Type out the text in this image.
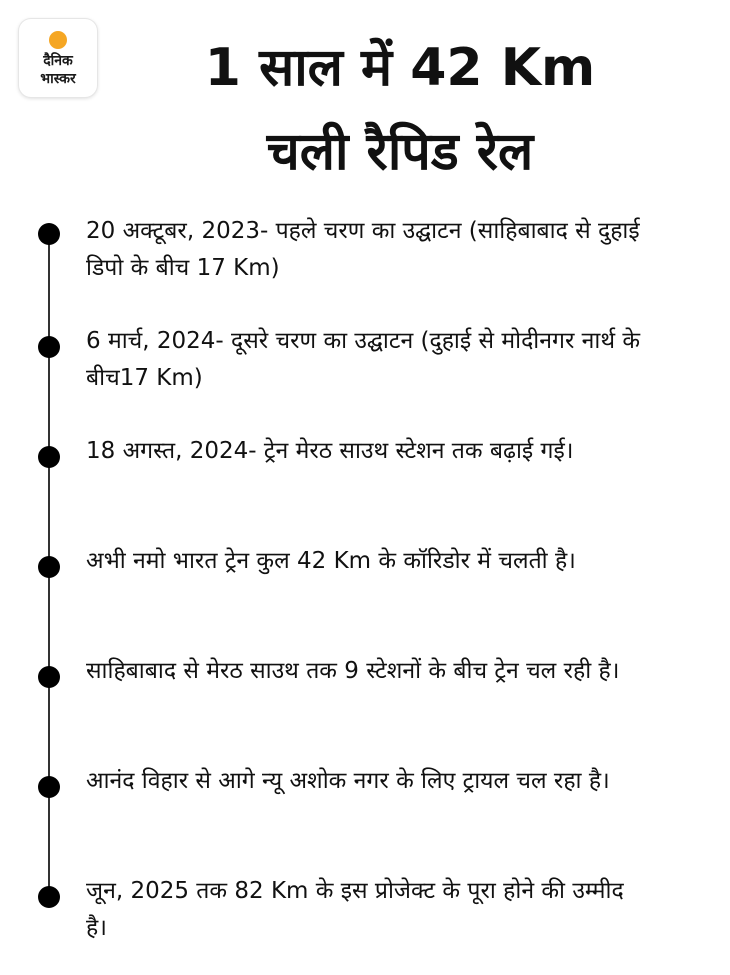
दैनिक
भास्कर	1 साल में 42 Km
चली रैपिड रेल

20 अक्टूबर, 2023- पहले चरण का उद्घाटन (साहिबाबाद से दुहाई डिपो के बीच 17 Km)

6 मार्च, 2024- दूसरे चरण का उद्घाटन (दुहाई से मोदीनगर नार्थ के बीच17 Km)

18 अगस्त, 2024- ट्रेन मेरठ साउथ स्टेशन तक बढ़ाई गई।

अभी नमो भारत ट्रेन कुल 42 Km के कॉरिडोर में चलती है।

साहिबाबाद से मेरठ साउथ तक 9 स्टेशनों के बीच ट्रेन चल रही है।

आनंद विहार से आगे न्यू अशोक नगर के लिए ट्रायल चल रहा है।

जून, 2025 तक 82 Km के इस प्रोजेक्ट के पूरा होने की उम्मीद है।
